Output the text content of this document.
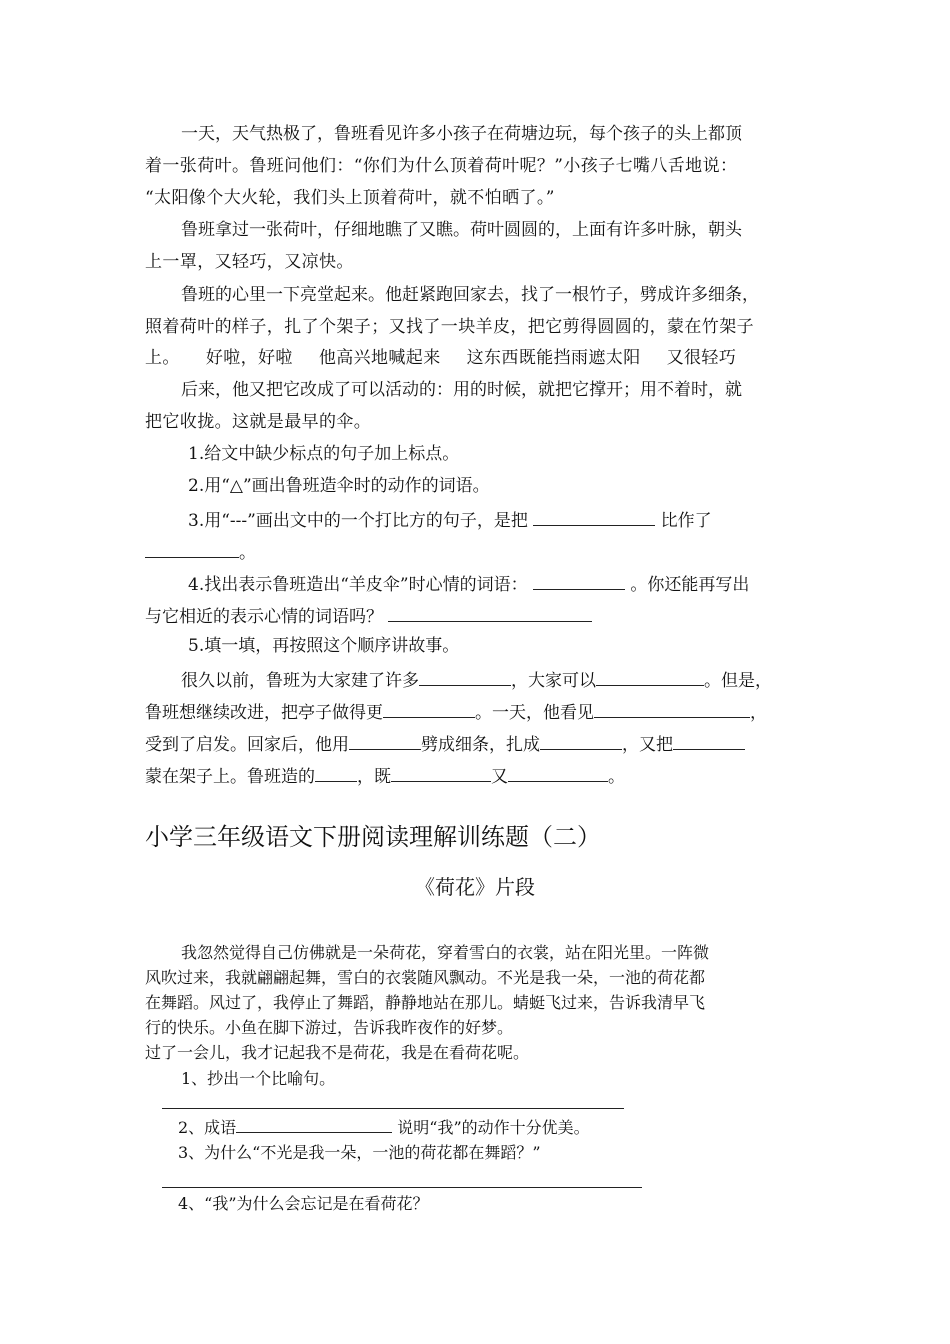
一天，天气热极了，鲁班看见许多小孩子在荷塘边玩，每个孩子的头上都顶
着一张荷叶。鲁班问他们：“你们为什么顶着荷叶呢？”小孩子七嘴八舌地说：
“太阳像个大火轮，我们头上顶着荷叶，就不怕晒了。”
鲁班拿过一张荷叶，仔细地瞧了又瞧。荷叶圆圆的，上面有许多叶脉，朝头
上一罩，又轻巧，又凉快。
鲁班的心里一下亮堂起来。他赶紧跑回家去，找了一根竹子，劈成许多细条，
照着荷叶的样子，扎了个架子；又找了一块羊皮，把它剪得圆圆的，蒙在竹架子
上。 好啦，好啦 他高兴地喊起来 这东西既能挡雨遮太阳 又很轻巧
后来，他又把它改成了可以活动的：用的时候，就把它撑开；用不着时，就
把它收拢。这就是最早的伞。
1.给文中缺少标点的句子加上标点。
2.用“△”画出鲁班造伞时的动作的词语。
3.用“---”画出文中的一个打比方的句子，是把	比作了
。
4.找出表示鲁班造出“羊皮伞”时心情的词语：	。你还能再写出
与它相近的表示心情的词语吗？
5.填一填，再按照这个顺序讲故事。
很久以前，鲁班为大家建了许多	，大家可以	。但是，
鲁班想继续改进，把亭子做得更	。一天，他看见	，
受到了启发。回家后，他用	劈成细条，扎成	，又把
蒙在架子上。鲁班造的 ，既	又	。
小学三年级语文下册阅读理解训练题（二）
《荷花》片段
我忽然觉得自己仿佛就是一朵荷花，穿着雪白的衣裳，站在阳光里。一阵微
风吹过来，我就翩翩起舞，雪白的衣裳随风飘动。不光是我一朵，一池的荷花都
在舞蹈。风过了，我停止了舞蹈，静静地站在那儿。蜻蜓飞过来，告诉我清早飞
行的快乐。小鱼在脚下游过，告诉我昨夜作的好梦。
过了一会儿，我才记起我不是荷花，我是在看荷花呢。
1、抄出一个比喻句。
2、成语	说明“我”的动作十分优美。
3、为什么“不光是我一朵，一池的荷花都在舞蹈？”
4、“我”为什么会忘记是在看荷花？
